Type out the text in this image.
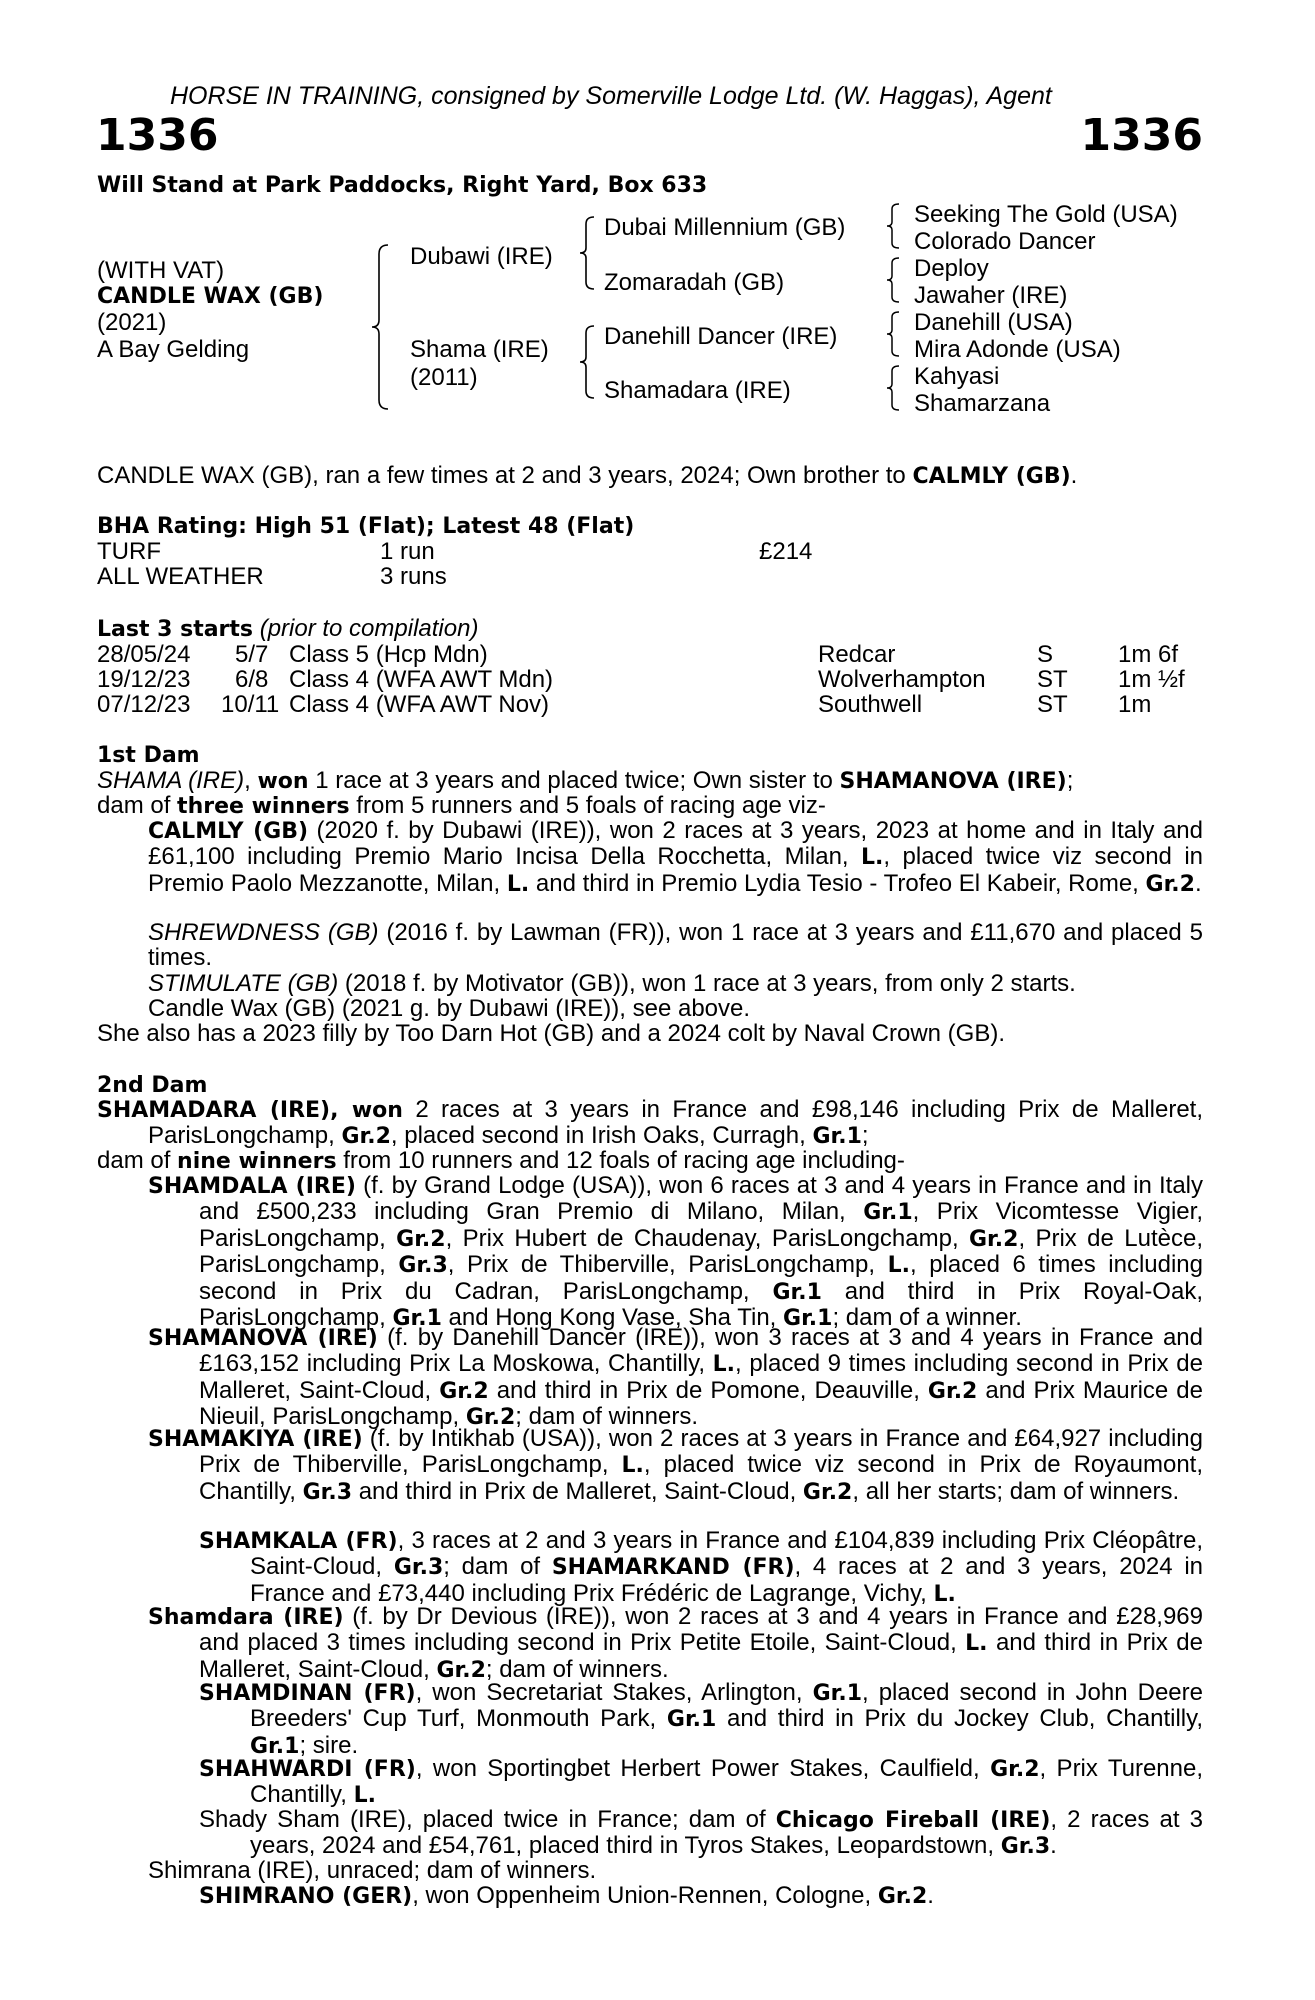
HORSE IN TRAINING, consigned by Somerville Lodge Ltd. (W. Haggas), Agent
1336	1336
Will Stand at Park Paddocks, Right Yard, Box 633
(WITH VAT)
CANDLE WAX (GB)
(2021)
A Bay Gelding
Dubawi (IRE)
Shama (IRE)
(2011)
Dubai Millennium (GB)
Zomaradah (GB)
Danehill Dancer (IRE)
Shamadara (IRE)
Seeking The Gold (USA)
Colorado Dancer
Deploy
Jawaher (IRE)
Danehill (USA)
Mira Adonde (USA)
Kahyasi
Shamarzana
CANDLE WAX (GB), ran a few times at 2 and 3 years, 2024; Own brother to CALMLY (GB).
BHA Rating: High 51 (Flat); Latest 48 (Flat)
TURF	1 run	£214
ALL WEATHER	3 runs
Last 3 starts (prior to compilation)
28/05/24 5/7 Class 5 (Hcp Mdn)	Redcar	S	1m 6f
19/12/23 6/8 Class 4 (WFA AWT Mdn)	Wolverhampton ST 1m ½f
07/12/23 10/11 Class 4 (WFA AWT Nov)	Southwell	ST 1m
1st Dam
SHAMA (IRE), won 1 race at 3 years and placed twice; Own sister to SHAMANOVA (IRE);
dam of three winners from 5 runners and 5 foals of racing age viz-

CALMLY (GB) (2020 f. by Dubawi (IRE)), won 2 races at 3 years, 2023 at home and in Italy and £61,100 including Premio Mario Incisa Della Rocchetta, Milan, L., placed twice viz second in Premio Paolo Mezzanotte, Milan, L. and third in Premio Lydia Tesio - Trofeo El Kabeir, Rome, Gr.2.

SHREWDNESS (GB) (2016 f. by Lawman (FR)), won 1 race at 3 years and £11,670 and placed 5 times.

STIMULATE (GB) (2018 f. by Motivator (GB)), won 1 race at 3 years, from only 2 starts.
Candle Wax (GB) (2021 g. by Dubawi (IRE)), see above.
She also has a 2023 filly by Too Darn Hot (GB) and a 2024 colt by Naval Crown (GB).
2nd Dam

SHAMADARA (IRE), won 2 races at 3 years in France and £98,146 including Prix de Malleret, ParisLongchamp, Gr.2, placed second in Irish Oaks, Curragh, Gr.1;

dam of nine winners from 10 runners and 12 foals of racing age including-

SHAMDALA (IRE) (f. by Grand Lodge (USA)), won 6 races at 3 and 4 years in France and in Italy and £500,233 including Gran Premio di Milano, Milan, Gr.1, Prix Vicomtesse Vigier, ParisLongchamp, Gr.2, Prix Hubert de Chaudenay, ParisLongchamp, Gr.2, Prix de Lutèce, ParisLongchamp, Gr.3, Prix de Thiberville, ParisLongchamp, L., placed 6 times including second in Prix du Cadran, ParisLongchamp, Gr.1 and third in Prix Royal-Oak, ParisLongchamp, Gr.1 and Hong Kong Vase, Sha Tin, Gr.1; dam of a winner.

SHAMANOVA (IRE) (f. by Danehill Dancer (IRE)), won 3 races at 3 and 4 years in France and £163,152 including Prix La Moskowa, Chantilly, L., placed 9 times including second in Prix de Malleret, Saint-Cloud, Gr.2 and third in Prix de Pomone, Deauville, Gr.2 and Prix Maurice de Nieuil, ParisLongchamp, Gr.2; dam of winners.

SHAMAKIYA (IRE) (f. by Intikhab (USA)), won 2 races at 3 years in France and £64,927 including Prix de Thiberville, ParisLongchamp, L., placed twice viz second in Prix de Royaumont, Chantilly, Gr.3 and third in Prix de Malleret, Saint-Cloud, Gr.2, all her starts; dam of winners.

SHAMKALA (FR), 3 races at 2 and 3 years in France and £104,839 including Prix Cléopâtre, Saint-Cloud, Gr.3; dam of SHAMARKAND (FR), 4 races at 2 and 3 years, 2024 in France and £73,440 including Prix Frédéric de Lagrange, Vichy, L.

Shamdara (IRE) (f. by Dr Devious (IRE)), won 2 races at 3 and 4 years in France and £28,969 and placed 3 times including second in Prix Petite Etoile, Saint-Cloud, L. and third in Prix de Malleret, Saint-Cloud, Gr.2; dam of winners.

SHAMDINAN (FR), won Secretariat Stakes, Arlington, Gr.1, placed second in John Deere Breeders' Cup Turf, Monmouth Park, Gr.1 and third in Prix du Jockey Club, Chantilly, Gr.1; sire.

SHAHWARDI (FR), won Sportingbet Herbert Power Stakes, Caulfield, Gr.2, Prix Turenne, Chantilly, L.

Shady Sham (IRE), placed twice in France; dam of Chicago Fireball (IRE), 2 races at 3 years, 2024 and £54,761, placed third in Tyros Stakes, Leopardstown, Gr.3.

Shimrana (IRE), unraced; dam of winners.
SHIMRANO (GER), won Oppenheim Union-Rennen, Cologne, Gr.2.
